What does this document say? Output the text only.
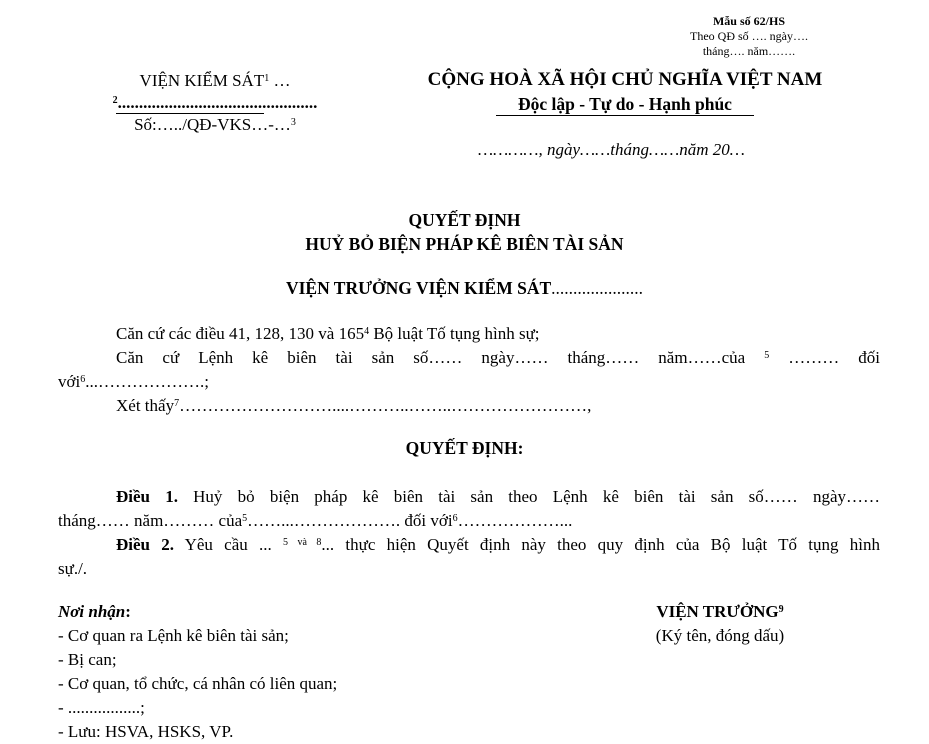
Mẫu số 62/HS
Theo QĐ số …. ngày….
tháng…. năm…….
VIỆN KIỂM SÁT$^1$ …
$^2$...............................................
Số:…../QĐ-VKS…-…$^3$
CỘNG HOÀ XÃ HỘI CHỦ NGHĨA VIỆT NAM
Độc lập - Tự do - Hạnh phúc
…………, ngày……tháng……năm 20…
QUYẾT ĐỊNH
HUỶ BỎ BIỆN PHÁP KÊ BIÊN TÀI SẢN
VIỆN TRƯỞNG VIỆN KIỂM SÁT.....................
Căn cứ các điều 41, 128, 130 và $165^4$ Bộ luật Tố tụng hình sự;
Căn cứ Lệnh kê biên tài sản số…… ngày…… tháng…… năm……của $^5$ ……… đối
với$^6$...……………….;
Xét thấy$^7$………………………....………..……..……………………,
QUYẾT ĐỊNH:
Điều 1. Huỷ bỏ biện pháp kê biên tài sản theo Lệnh kê biên tài sản số…… ngày……
tháng…… năm……… của$^5$……...………………. đối với$^6$………………...
Điều 2. Yêu cầu ... $^{5 và 8}$... thực hiện Quyết định này theo quy định của Bộ luật Tố tụng hình
sự./.
Nơi nhận:
- Cơ quan ra Lệnh kê biên tài sản;
- Bị can;
- Cơ quan, tổ chức, cá nhân có liên quan;
- .................;
- Lưu: HSVA, HSKS, VP.
VIỆN TRƯỞNG$^9$
(Ký tên, đóng dấu)
